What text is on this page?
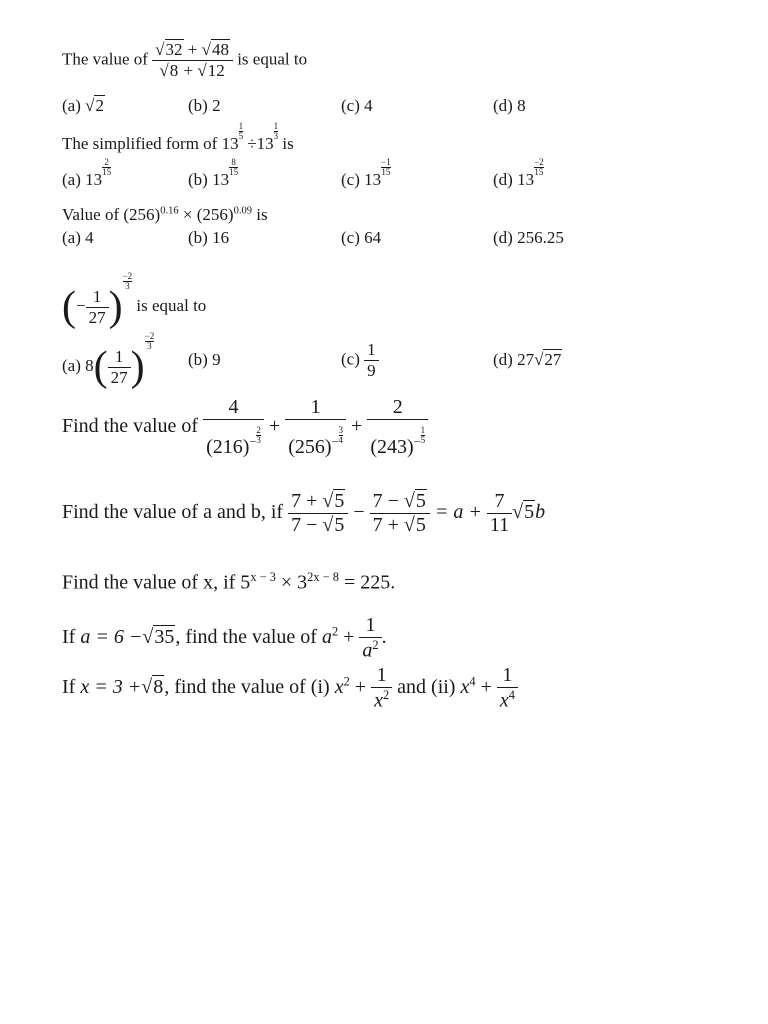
The value of $\frac{√32 + √48}{√8 + √12}$ is equal to
(a) √2	(b) 2	(c) 4	(d) 8
The simplified form of 13
$\frac{1}{5}$
÷13
$\frac{1}{3}$
is
(a) 13
$\frac{2}{15}$
(b) 13
$\frac{8}{15}$
(c) 13
$\frac{-1}{15}$
(d) 13
$\frac{-2}{15}$
Value of $(256)^{0.16} \times (256)^{0.09}$ is
(a) 4	(b) 16	(c) 64	(d) 256.25
(− $\frac{1}{27}$ )
$\frac{-2}{3}$
is equal to
(a) $8( \frac{1}{27}$ )
$\frac{-2}{3}$
(b) 9	$(c) \frac{1}{9}$	(d) 27√27
Find the value of $\frac{4}{(216)^- \frac{2}{3}} + \frac{1}{(256)^- \frac{3}{4}} + \frac{2}{(243)^- \frac{1}{5}}$
Find the value of a and b, if $\frac{7 + √5}{7 - √5} - \frac{7 - √5}{7 + √5} = a + \frac{7}{11} √5b$
Find the value of x, if $5^{x - 3} \times 3^{2x - 8} = 225$.
If a = 6 −√35, find the value of $a^2 + \frac{1}{a^2}$ .
If x = 3 +√8, find the value of (i) $x^2 + \frac{1}{x^2}$ and (ii) $x^4 + \frac{1}{x^4}$
